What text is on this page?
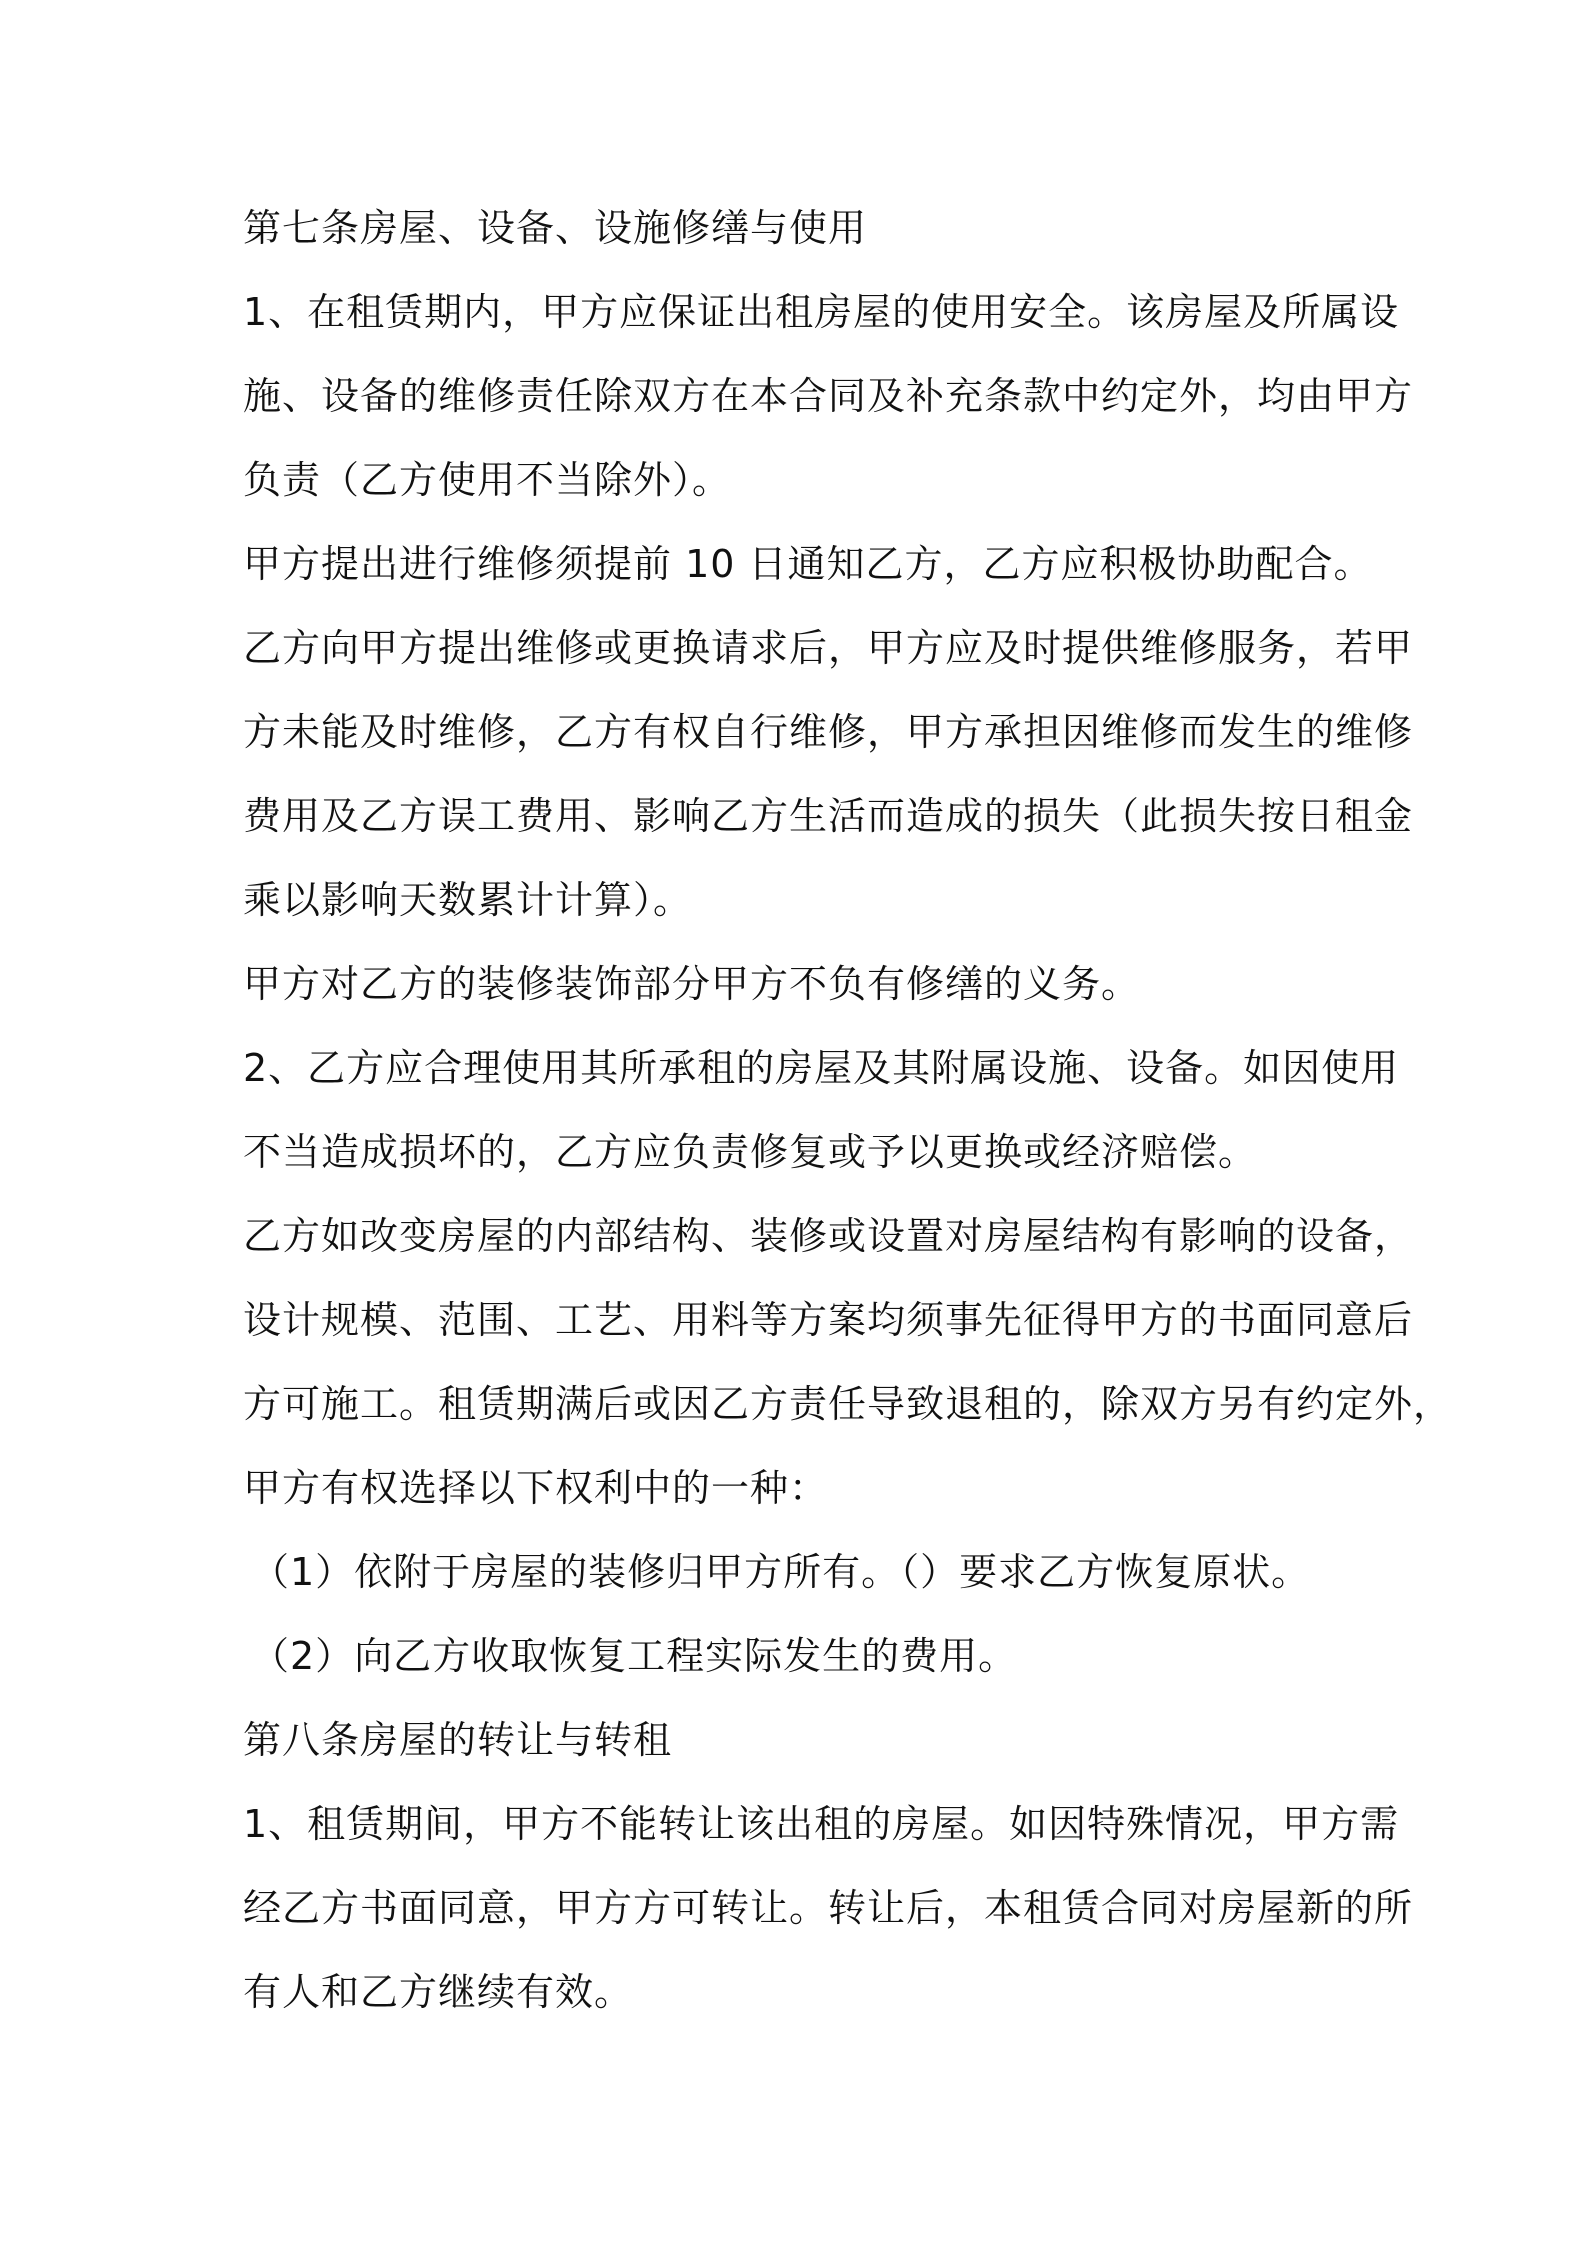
第七条房屋、设备、设施修缮与使用
1、在租赁期内，甲方应保证出租房屋的使用安全。该房屋及所属设
施、设备的维修责任除双方在本合同及补充条款中约定外，均由甲方
负责（乙方使用不当除外）。
甲方提出进行维修须提前 10 日通知乙方，乙方应积极协助配合。
乙方向甲方提出维修或更换请求后，甲方应及时提供维修服务，若甲
方未能及时维修，乙方有权自行维修，甲方承担因维修而发生的维修
费用及乙方误工费用、影响乙方生活而造成的损失（此损失按日租金
乘以影响天数累计计算）。
甲方对乙方的装修装饰部分甲方不负有修缮的义务。
2、乙方应合理使用其所承租的房屋及其附属设施、设备。如因使用
不当造成损坏的，乙方应负责修复或予以更换或经济赔偿。
乙方如改变房屋的内部结构、装修或设置对房屋结构有影响的设备，
设计规模、范围、工艺、用料等方案均须事先征得甲方的书面同意后
方可施工。租赁期满后或因乙方责任导致退租的，除双方另有约定外，
甲方有权选择以下权利中的一种：
（1）依附于房屋的装修归甲方所有。（）要求乙方恢复原状。
（2）向乙方收取恢复工程实际发生的费用。
第八条房屋的转让与转租
1、租赁期间，甲方不能转让该出租的房屋。如因特殊情况，甲方需
经乙方书面同意，甲方方可转让。转让后，本租赁合同对房屋新的所
有人和乙方继续有效。
